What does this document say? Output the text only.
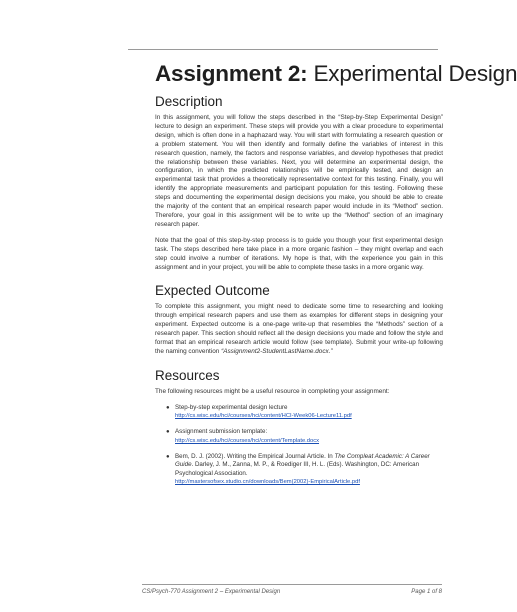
Assignment 2: Experimental Design
Description

In this assignment, you will follow the steps described in the “Step-by-Step Experimental Design” lecture to design an experiment. These steps will provide you with a clear procedure to experimental design, which is often done in a haphazard way. You will start with formulating a research question or a problem statement. You will then identify and formally define the variables of interest in this research question, namely, the factors and response variables, and develop hypotheses that predict the relationship between these variables. Next, you will determine an experimental design, the configuration, in which the predicted relationships will be empirically tested, and design an experimental task that provides a theoretically representative context for this testing. Finally, you will identify the appropriate measurements and participant population for this testing. Following these steps and documenting the experimental design decisions you make, you should be able to create the majority of the content that an empirical research paper would include in its “Method” section. Therefore, your goal in this assignment will be to write up the “Method” section of an imaginary research paper.

Note that the goal of this step-by-step process is to guide you though your first experimental design task. The steps described here take place in a more organic fashion – they might overlap and each step could involve a number of iterations. My hope is that, with the experience you gain in this assignment and in your project, you will be able to complete these tasks in a more organic way.

Expected Outcome

To complete this assignment, you might need to dedicate some time to researching and looking through empirical research papers and use them as examples for different steps in designing your experiment. Expected outcome is a one-page write-up that resembles the “Methods” section of a research paper. This section should reflect all the design decisions you made and follow the style and format that an empirical research article would follow (see template). Submit your write-up following the naming convention “Assignment2-StudentLastName.docx.”

Resources

The following resources might be a useful resource in completing your assignment:

● Step-by-step experimental design lecture
http://cs.wisc.edu/hci/courses/hci/content/HCI-Week06-Lecture11.pdf
● Assignment submission template:
http://cs.wisc.edu/hci/courses/hci/content/Template.docx
● Bem, D. J. (2002). Writing the Empirical Journal Article. In The Compleat Academic: A Career Guide. Darley, J. M., Zanna, M. P., & Roediger III, H. L. (Eds). Washington, DC: American Psychological Association.
http://mastersofsex.studio.cn/downloads/Bem(2002)-EmpiricalArticle.pdf
CS/Psych-770 Assignment 2 – Experimental Design	Page 1 of 8
